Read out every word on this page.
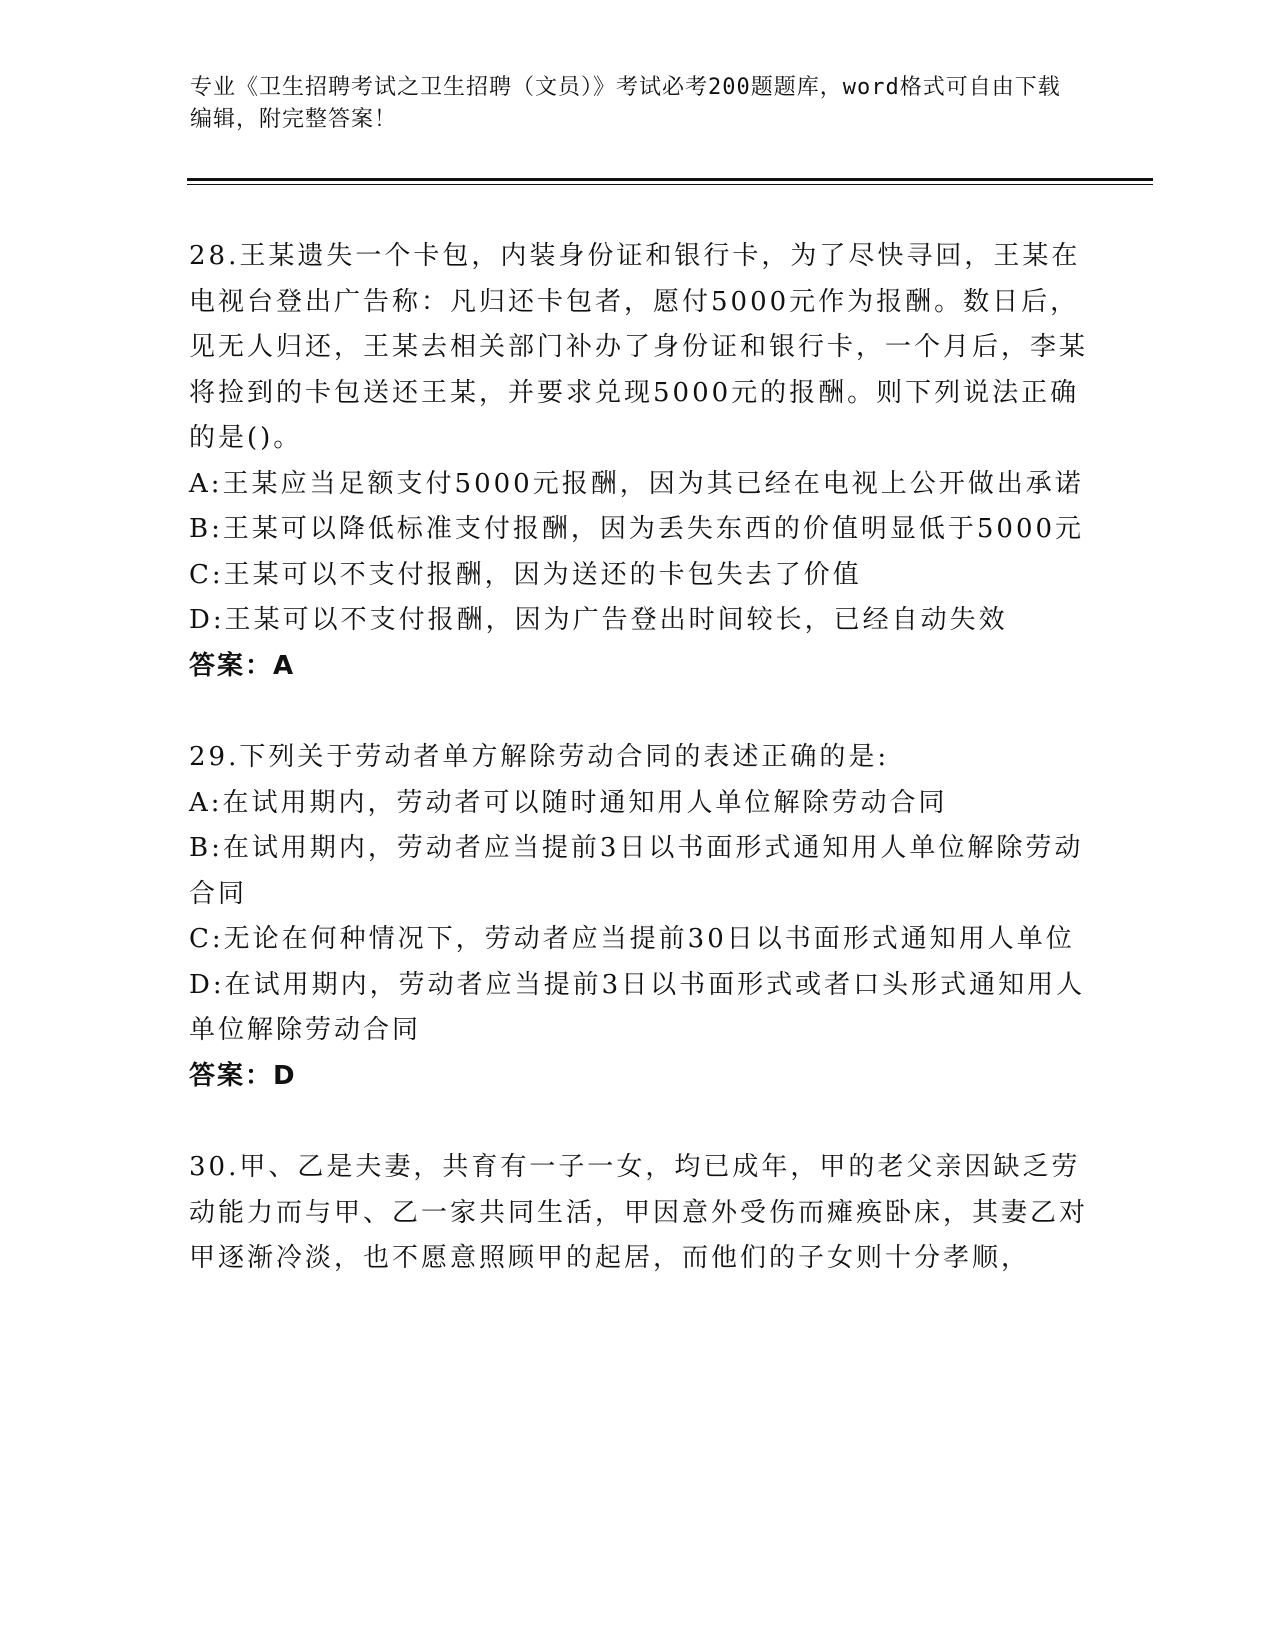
专业《卫生招聘考试之卫生招聘（文员）》考试必考200题题库，word格式可自由下载编辑，附完整答案！

28.王某遗失一个卡包，内装身份证和银行卡，为了尽快寻回，王某在电视台登出广告称：凡归还卡包者，愿付5000元作为报酬。数日后，见无人归还，王某去相关部门补办了身份证和银行卡，一个月后，李某将捡到的卡包送还王某，并要求兑现5000元的报酬。则下列说法正确的是()。

A:王某应当足额支付5000元报酬，因为其已经在电视上公开做出承诺

B:王某可以降低标准支付报酬，因为丢失东西的价值明显低于5000元

C:王某可以不支付报酬，因为送还的卡包失去了价值

D:王某可以不支付报酬，因为广告登出时间较长，已经自动失效

答案：A

29.下列关于劳动者单方解除劳动合同的表述正确的是:

A:在试用期内，劳动者可以随时通知用人单位解除劳动合同

B:在试用期内，劳动者应当提前3日以书面形式通知用人单位解除劳动合同

C:无论在何种情况下，劳动者应当提前30日以书面形式通知用人单位

D:在试用期内，劳动者应当提前3日以书面形式或者口头形式通知用人单位解除劳动合同

答案：D

30.甲、乙是夫妻，共育有一子一女，均已成年，甲的老父亲因缺乏劳动能力而与甲、乙一家共同生活，甲因意外受伤而瘫痪卧床，其妻乙对甲逐渐冷淡，也不愿意照顾甲的起居，而他们的子女则十分孝顺，
